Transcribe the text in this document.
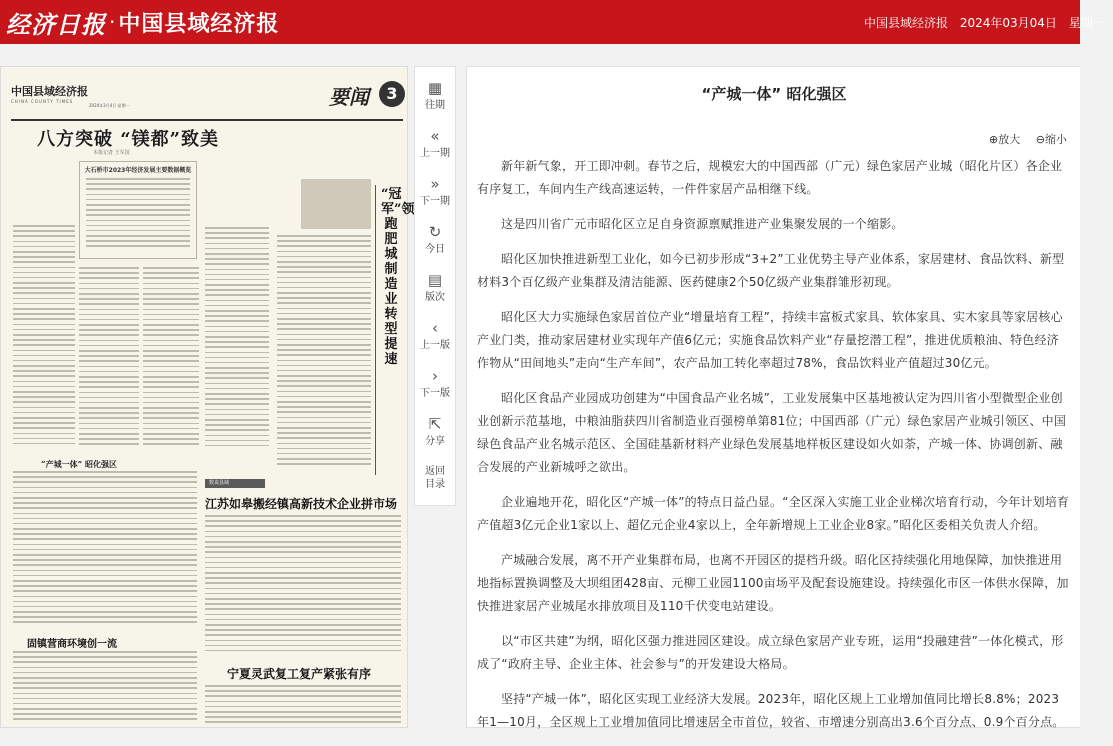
经济日报 · 中国县域经济报	中国县域经济报 2024年03月04日 星期一
中国县域经济报
CHINA COUNTY TIMES
2024年3月4日 星期一	要闻	3
八方突破 “镁都”致美
本报记者 王军国
大石桥市2023年经济发展主要数据概览
“冠军”领跑 肥城制造业转型提速
“产城一体” 昭化强区
数说县域
江苏如皋搬经镇高新技术企业拼市场
固镇营商环境创一流
宁夏灵武复工复产紧张有序
▦
往期
«
上一期
»
下一期
↻
今日
▤
版次
‹
上一版
›
下一版
⇱
分享
返回
目录
“产城一体” 昭化强区
⊕放大 ⊖缩小

新年新气象，开工即冲刺。春节之后，规模宏大的中国西部（广元）绿色家居产业城（昭化片区）各企业有序复工，车间内生产线高速运转，一件件家居产品相继下线。

这是四川省广元市昭化区立足自身资源禀赋推进产业集聚发展的一个缩影。

昭化区加快推进新型工业化，如今已初步形成“3+2”工业优势主导产业体系，家居建材、食品饮料、新型材料3个百亿级产业集群及清洁能源、医药健康2个50亿级产业集群雏形初现。

昭化区大力实施绿色家居首位产业“增量培育工程”，持续丰富板式家具、软体家具、实木家具等家居核心产业门类，推动家居建材业实现年产值6亿元；实施食品饮料产业“存量挖潜工程”，推进优质粮油、特色经济作物从“田间地头”走向“生产车间”，农产品加工转化率超过78%，食品饮料业产值超过30亿元。

昭化区食品产业园成功创建为“中国食品产业名城”，工业发展集中区基地被认定为四川省小型微型企业创业创新示范基地，中粮油脂获四川省制造业百强榜单第81位；中国西部（广元）绿色家居产业城引领区、中国绿色食品产业名城示范区、全国硅基新材料产业绿色发展基地样板区建设如火如荼，产城一体、协调创新、融合发展的产业新城呼之欲出。

企业遍地开花，昭化区“产城一体”的特点日益凸显。“全区深入实施工业企业梯次培育行动，今年计划培育产值超3亿元企业1家以上、超亿元企业4家以上，全年新增规上工业企业8家。”昭化区委相关负责人介绍。

产城融合发展，离不开产业集群布局，也离不开园区的提档升级。昭化区持续强化用地保障，加快推进用地指标置换调整及大坝组团428亩、元柳工业园1100亩场平及配套设施建设。持续强化市区一体供水保障，加快推进家居产业城尾水排放项目及110千伏变电站建设。

以“市区共建”为纲，昭化区强力推进园区建设。成立绿色家居产业专班，运用“投融建营”一体化模式，形成了“政府主导、企业主体、社会参与”的开发建设大格局。

坚持“产城一体”，昭化区实现工业经济大发展。2023年，昭化区规上工业增加值同比增长8.8%；2023年1—10月，全区规上工业增加值同比增速居全市首位，较省、市增速分别高出3.6个百分点、0.9个百分点。
